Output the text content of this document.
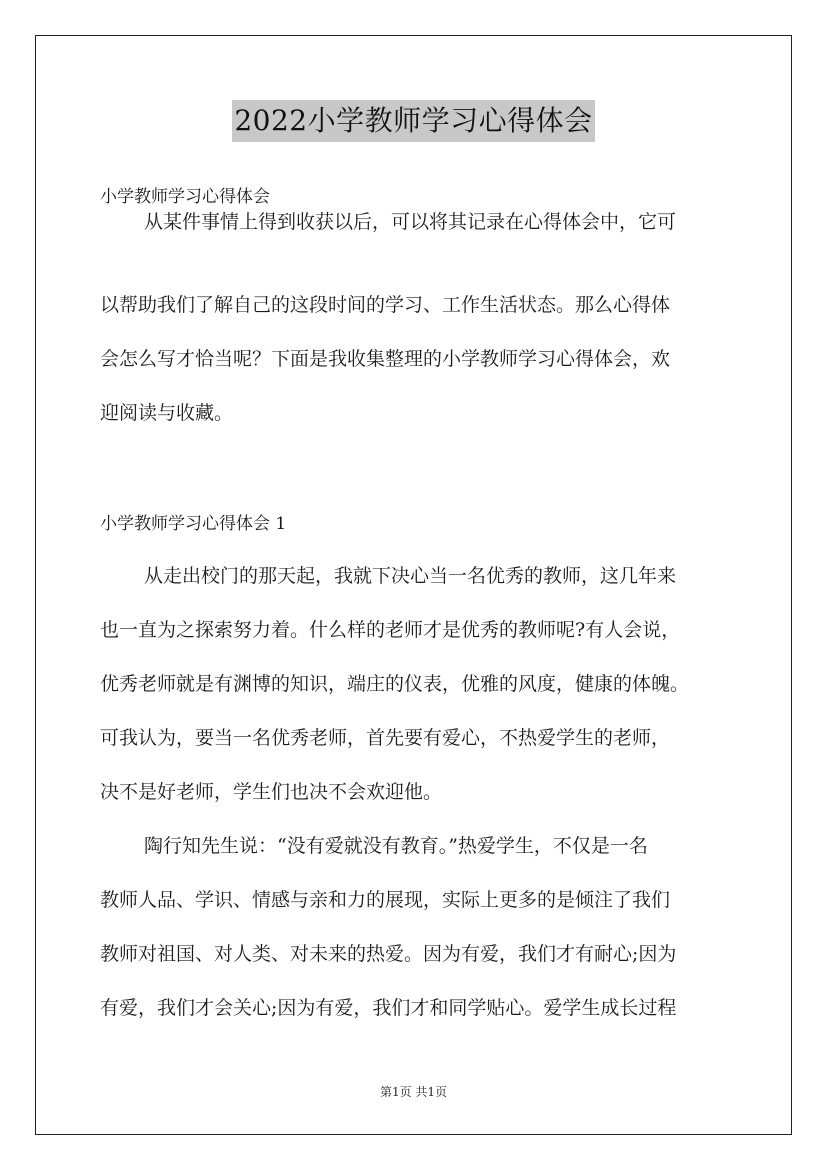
2022小学教师学习心得体会
小学教师学习心得体会
从某件事情上得到收获以后，可以将其记录在心得体会中，它可
以帮助我们了解自己的这段时间的学习、工作生活状态。那么心得体
会怎么写才恰当呢？下面是我收集整理的小学教师学习心得体会，欢
迎阅读与收藏。
小学教师学习心得体会 1
从走出校门的那天起，我就下决心当一名优秀的教师，这几年来
也一直为之探索努力着。什么样的老师才是优秀的教师呢?有人会说，
优秀老师就是有渊博的知识，端庄的仪表，优雅的风度，健康的体魄。
可我认为，要当一名优秀老师，首先要有爱心，不热爱学生的老师，
决不是好老师，学生们也决不会欢迎他。
陶行知先生说：“没有爱就没有教育。”热爱学生，不仅是一名
教师人品、学识、情感与亲和力的展现，实际上更多的是倾注了我们
教师对祖国、对人类、对未来的热爱。因为有爱，我们才有耐心;因为
有爱，我们才会关心;因为有爱，我们才和同学贴心。爱学生成长过程
第1页 共1页
